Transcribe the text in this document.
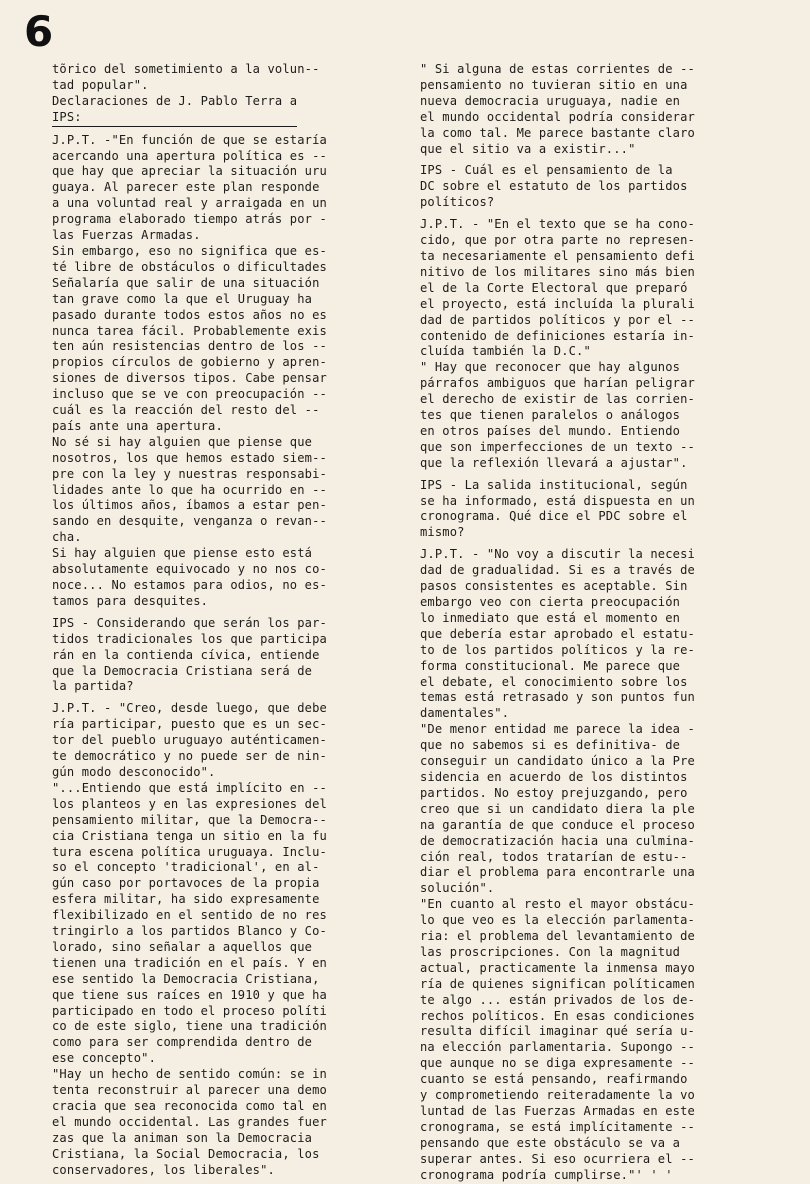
6

tõrico del sometimiento a la volun--
tad popular".

Declaraciones de J. Pablo Terra a
IPS:

J.P.T. -"En función de que se estaría
acercando una apertura política es --
que hay que apreciar la situación uru
guaya. Al parecer este plan responde
a una voluntad real y arraigada en un
programa elaborado tiempo atrás por -
las Fuerzas Armadas.

Sin embargo, eso no significa que es-
té libre de obstáculos o dificultades
Señalaría que salir de una situación
tan grave como la que el Uruguay ha
pasado durante todos estos años no es
nunca tarea fácil. Probablemente exis
ten aún resistencias dentro de los --
propios círculos de gobierno y apren-
siones de diversos tipos. Cabe pensar
incluso que se ve con preocupación --
cuál es la reacción del resto del --
país ante una apertura.

No sé si hay alguien que piense que
nosotros, los que hemos estado siem--
pre con la ley y nuestras responsabi-
lidades ante lo que ha ocurrido en --
los últimos años, íbamos a estar pen-
sando en desquite, venganza o revan--
cha.

Si hay alguien que piense esto está
absolutamente equivocado y no nos co-
noce... No estamos para odios, no es-
tamos para desquites.

IPS - Considerando que serán los par-
tidos tradicionales los que participa
rán en la contienda cívica, entiende
que la Democracia Cristiana será de
la partida?

J.P.T. - "Creo, desde luego, que debe
ría participar, puesto que es un sec-
tor del pueblo uruguayo auténticamen-
te democrático y no puede ser de nin-
gún modo desconocido".

"...Entiendo que está implícito en --
los planteos y en las expresiones del
pensamiento militar, que la Democra--
cia Cristiana tenga un sitio en la fu
tura escena política uruguaya. Inclu-
so el concepto 'tradicional', en al-
gún caso por portavoces de la propia
esfera militar, ha sido expresamente
flexibilizado en el sentido de no res
tringirlo a los partidos Blanco y Co-
lorado, sino señalar a aquellos que
tienen una tradición en el país. Y en
ese sentido la Democracia Cristiana,
que tiene sus raíces en 1910 y que ha
participado en todo el proceso políti
co de este siglo, tiene una tradición
como para ser comprendida dentro de
ese concepto".

"Hay un hecho de sentido común: se in
tenta reconstruir al parecer una demo
cracia que sea reconocida como tal en
el mundo occidental. Las grandes fuer
zas que la animan son la Democracia
Cristiana, la Social Democracia, los
conservadores, los liberales".

" Si alguna de estas corrientes de --
pensamiento no tuvieran sitio en una
nueva democracia uruguaya, nadie en
el mundo occidental podría considerar
la como tal. Me parece bastante claro
que el sitio va a existir..."

IPS - Cuál es el pensamiento de la
DC sobre el estatuto de los partidos
políticos?

J.P.T. - "En el texto que se ha cono-
cido, que por otra parte no represen-
ta necesariamente el pensamiento defi
nitivo de los militares sino más bien
el de la Corte Electoral que preparó
el proyecto, está incluída la plurali
dad de partidos políticos y por el --
contenido de definiciones estaría in-
cluída también la D.C."

" Hay que reconocer que hay algunos
párrafos ambiguos que harían peligrar
el derecho de existir de las corrien-
tes que tienen paralelos o análogos
en otros países del mundo. Entiendo
que son imperfecciones de un texto --
que la reflexión llevará a ajustar".

IPS - La salida institucional, según
se ha informado, está dispuesta en un
cronograma. Qué dice el PDC sobre el
mismo?

J.P.T. - "No voy a discutir la necesi
dad de gradualidad. Si es a través de
pasos consistentes es aceptable. Sin
embargo veo con cierta preocupación
lo inmediato que está el momento en
que debería estar aprobado el estatu-
to de los partidos políticos y la re-
forma constitucional. Me parece que
el debate, el conocimiento sobre los
temas está retrasado y son puntos fun
damentales".

"De menor entidad me parece la idea -
que no sabemos si es definitiva- de
conseguir un candidato único a la Pre
sidencia en acuerdo de los distintos
partidos. No estoy prejuzgando, pero
creo que si un candidato diera la ple
na garantía de que conduce el proceso
de democratización hacia una culmina-
ción real, todos tratarían de estu--
diar el problema para encontrarle una
solución".

"En cuanto al resto el mayor obstácu-
lo que veo es la elección parlamenta-
ria: el problema del levantamiento de
las proscripciones. Con la magnitud
actual, practicamente la inmensa mayo
ría de quienes significan políticamen
te algo ... están privados de los de-
rechos políticos. En esas condiciones
resulta difícil imaginar qué sería u-
na elección parlamentaria. Supongo --
que aunque no se diga expresamente --
cuanto se está pensando, reafirmando
y comprometiendo reiteradamente la vo
luntad de las Fuerzas Armadas en este
cronograma, se está implícitamente --
pensando que este obstáculo se va a
superar antes. Si eso ocurriera el --
cronograma podría cumplirse."' ' '
